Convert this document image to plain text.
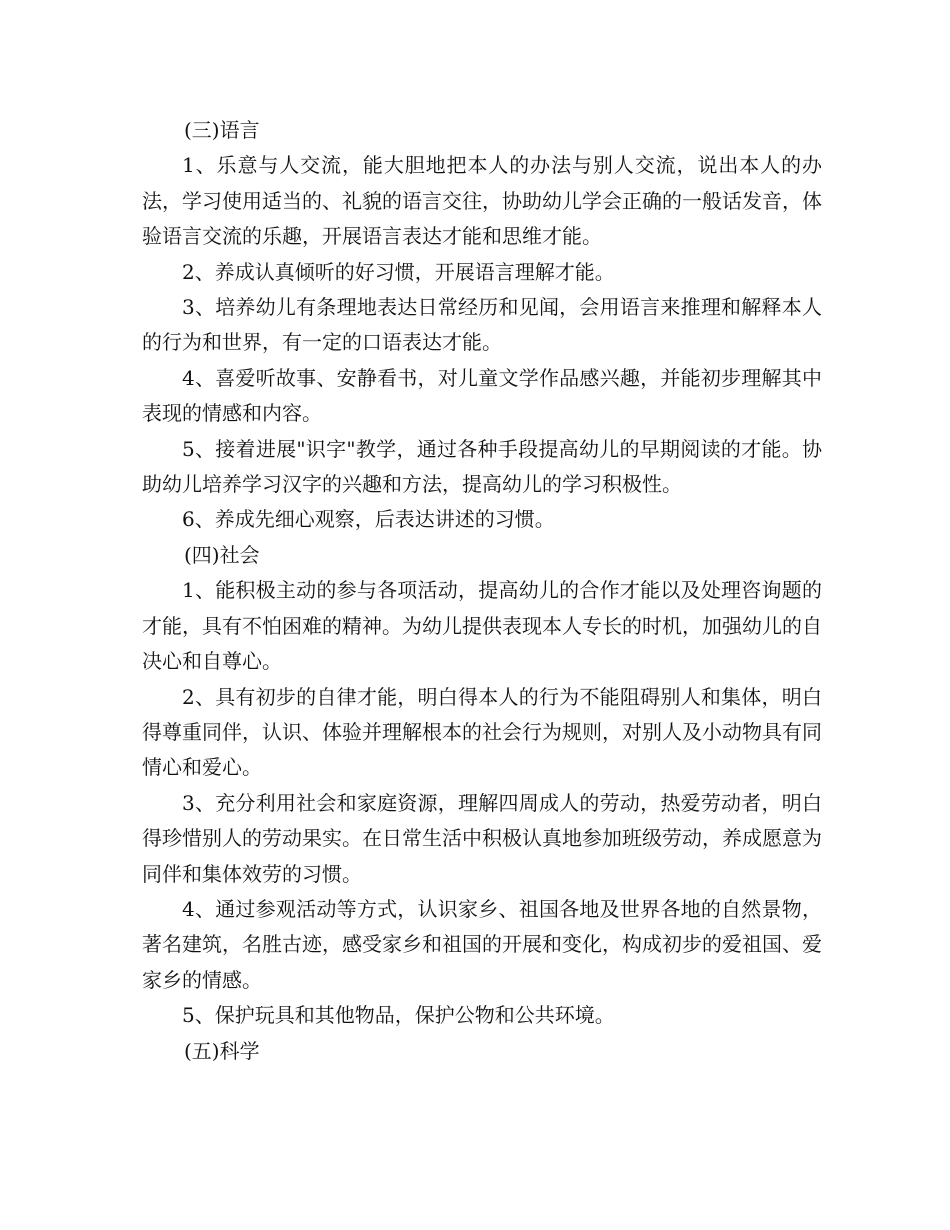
(三)语言

1、乐意与人交流，能大胆地把本人的办法与别人交流，说出本人的办法，学习使用适当的、礼貌的语言交往，协助幼儿学会正确的一般话发音，体验语言交流的乐趣，开展语言表达才能和思维才能。

2、养成认真倾听的好习惯，开展语言理解才能。

3、培养幼儿有条理地表达日常经历和见闻，会用语言来推理和解释本人的行为和世界，有一定的口语表达才能。

4、喜爱听故事、安静看书，对儿童文学作品感兴趣，并能初步理解其中表现的情感和内容。

5、接着进展"识字"教学，通过各种手段提高幼儿的早期阅读的才能。协助幼儿培养学习汉字的兴趣和方法，提高幼儿的学习积极性。

6、养成先细心观察，后表达讲述的习惯。

(四)社会

1、能积极主动的参与各项活动，提高幼儿的合作才能以及处理咨询题的才能，具有不怕困难的精神。为幼儿提供表现本人专长的时机，加强幼儿的自决心和自尊心。

2、具有初步的自律才能，明白得本人的行为不能阻碍别人和集体，明白得尊重同伴，认识、体验并理解根本的社会行为规则，对别人及小动物具有同情心和爱心。

3、充分利用社会和家庭资源，理解四周成人的劳动，热爱劳动者，明白得珍惜别人的劳动果实。在日常生活中积极认真地参加班级劳动，养成愿意为同伴和集体效劳的习惯。

4、通过参观活动等方式，认识家乡、祖国各地及世界各地的自然景物，著名建筑，名胜古迹，感受家乡和祖国的开展和变化，构成初步的爱祖国、爱家乡的情感。

5、保护玩具和其他物品，保护公物和公共环境。

(五)科学
